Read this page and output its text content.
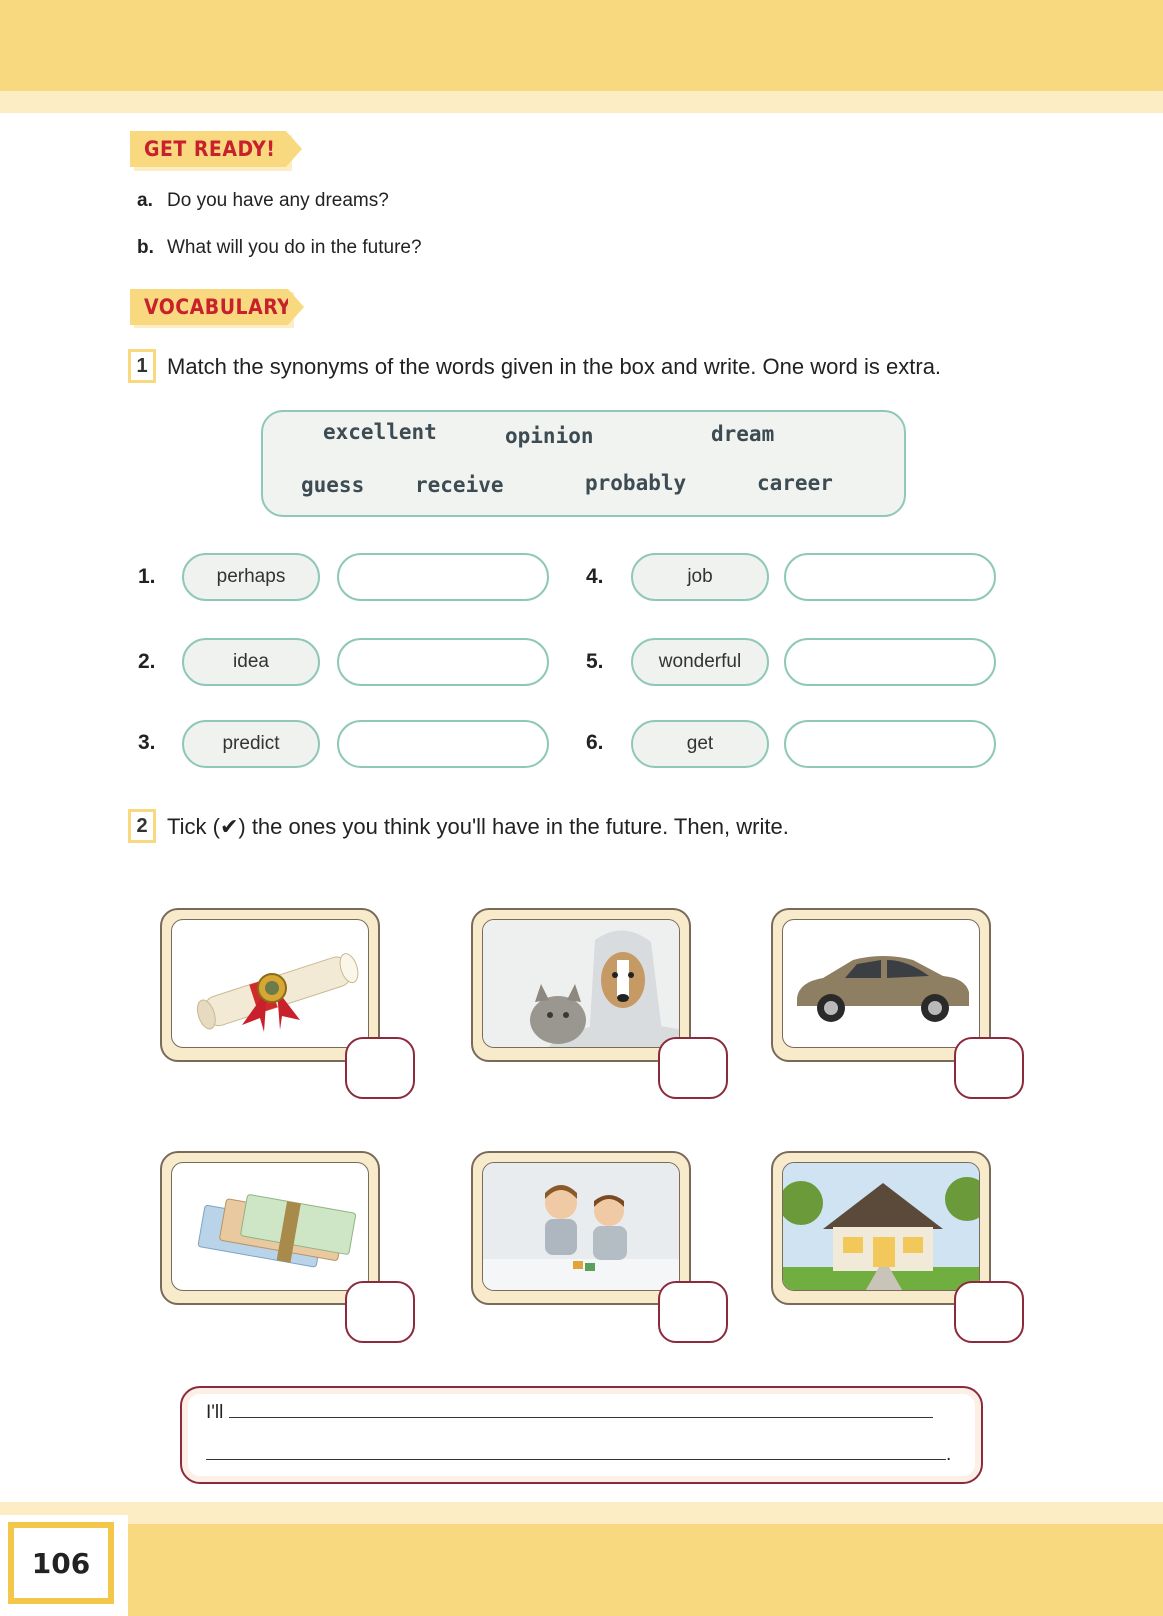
GET READY!
a. Do you have any dreams?
b. What will you do in the future?
VOCABULARY
1 Match the synonyms of the words given in the box and write. One word is extra.
excellent	opinion	dream
guess receive	probably	career
1.	perhaps
2.	idea
3.	predict
4.	job
5.	wonderful
6.	get
2 Tick (✔) the ones you think you'll have in the future. Then, write.
I'll
.
106
